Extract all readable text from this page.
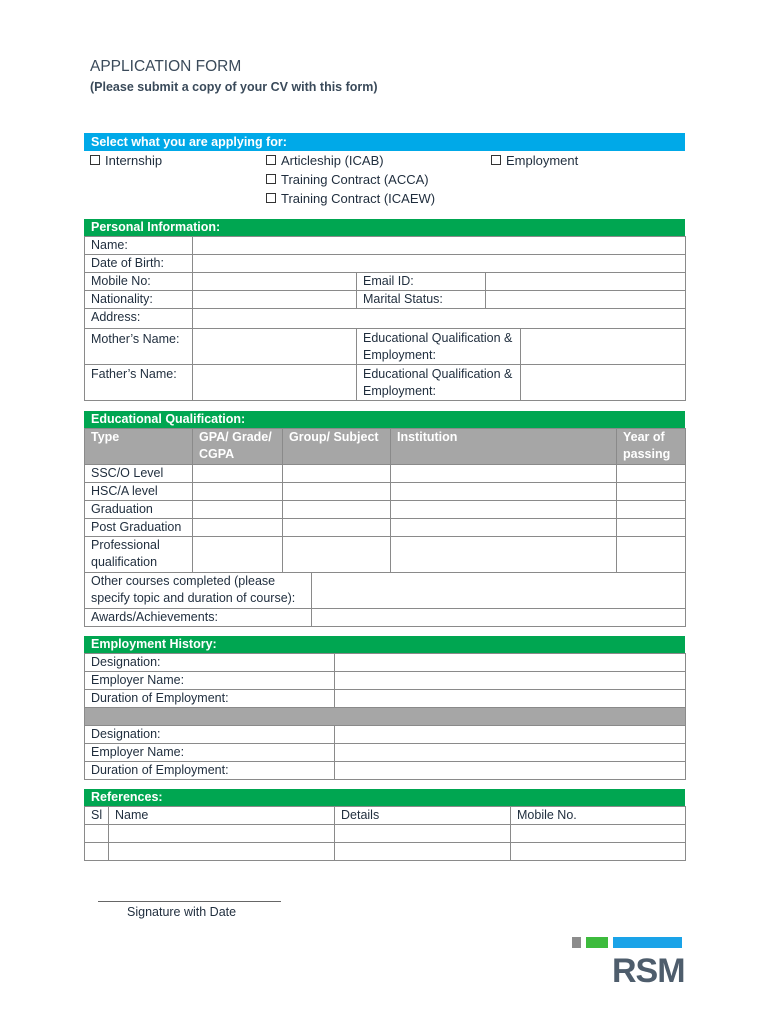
APPLICATION FORM
(Please submit a copy of your CV with this form)
Select what you are applying for:
Internship	Articleship (ICAB)	Employment
Training Contract (ACCA)
Training Contract (ICAEW)
Personal Information:
Name:				
Date of Birth:				
Mobile No:		Email ID:		
Nationality:		Marital Status:		
Address:				
Mother’s Name:		Educational Qualification & Employment:		
Father’s Name:		Educational Qualification & Employment:		
Educational Qualification:
Type	GPA/ Grade/ CGPA	Group/ Subject		Institution	Year of passing
SSC/O Level					
HSC/A level					
Graduation					
Post Graduation					
Professional qualification					
Other courses completed (please specify topic and duration of course):					
Awards/Achievements:					
Employment History:
Designation:	
Employer Name:	
Duration of Employment:	

Designation:	
Employer Name:	
Duration of Employment:	
References:
Sl	Name	Details	Mobile No.

Signature with Date
RSM
